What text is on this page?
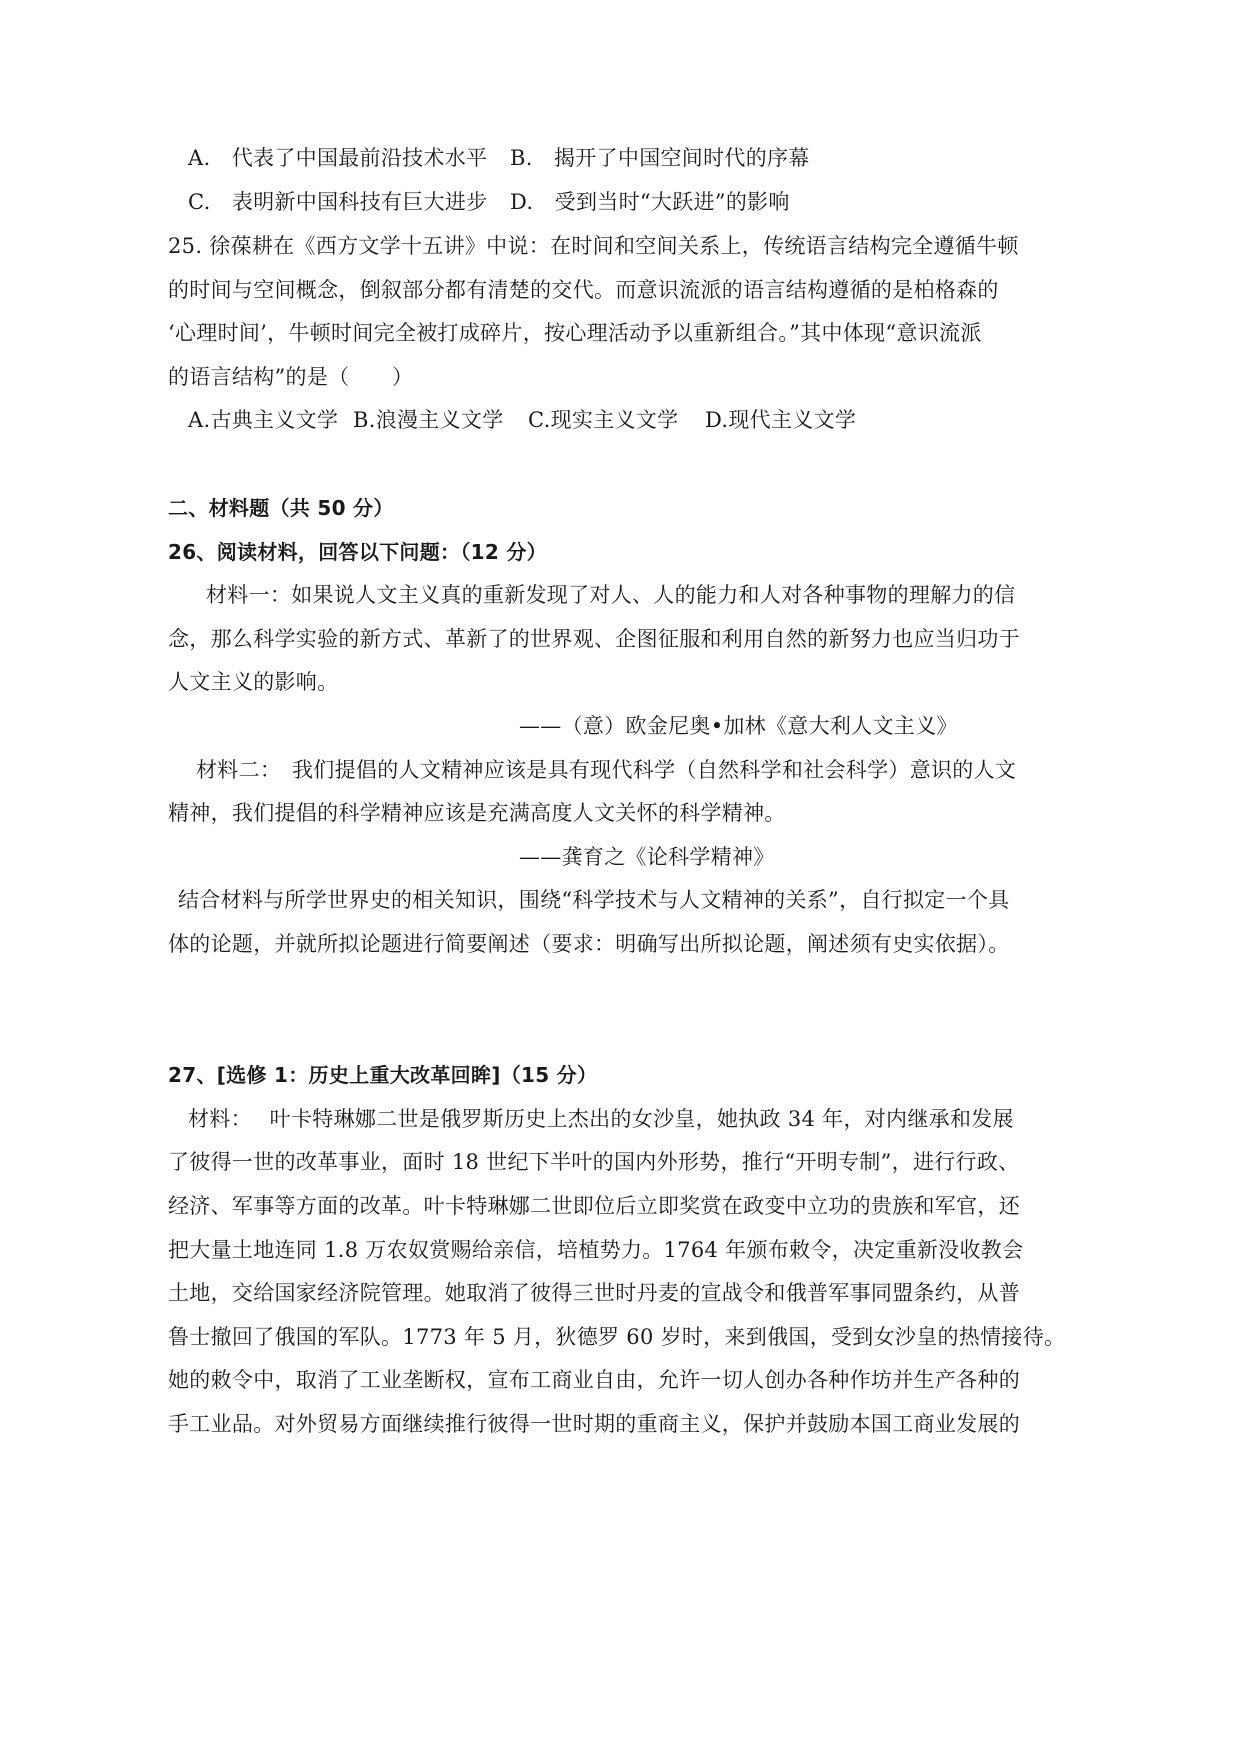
A.　代表了中国最前沿技术水平 B.　揭开了中国空间时代的序幕
C.　表明新中国科技有巨大进步 D.　受到当时“大跃进”的影响
25. 徐葆耕在《西方文学十五讲》中说：在时间和空间关系上，传统语言结构完全遵循牛顿
的时间与空间概念，倒叙部分都有清楚的交代。而意识流派的语言结构遵循的是柏格森的
‘心理时间’，牛顿时间完全被打成碎片，按心理活动予以重新组合。”其中体现“意识流派
的语言结构”的是（　　）
A.古典主义文学 B.浪漫主义文学 C.现实主义文学 D.现代主义文学
二、材料题（共 50 分）
26、阅读材料，回答以下问题：（12 分）
材料一：如果说人文主义真的重新发现了对人、人的能力和人对各种事物的理解力的信
念，那么科学实验的新方式、革新了的世界观、企图征服和利用自然的新努力也应当归功于
人文主义的影响。
——（意）欧金尼奥•加林《意大利人文主义》
材料二：　我们提倡的人文精神应该是具有现代科学（自然科学和社会科学）意识的人文
精神，我们提倡的科学精神应该是充满高度人文关怀的科学精神。
——龚育之《论科学精神》
结合材料与所学世界史的相关知识，围绕“科学技术与人文精神的关系”，自行拟定一个具
体的论题，并就所拟论题进行简要阐述（要求：明确写出所拟论题，阐述须有史实依据）。
27、[选修 1：历史上重大改革回眸]（15 分）
材料：　 叶卡特琳娜二世是俄罗斯历史上杰出的女沙皇，她执政 34 年，对内继承和发展
了彼得一世的改革事业，面时 18 世纪下半叶的国内外形势，推行“开明专制”，进行行政、
经济、军事等方面的改革。叶卡特琳娜二世即位后立即奖赏在政变中立功的贵族和军官，还
把大量土地连同 1.8 万农奴赏赐给亲信，培植势力。1764 年颁布敕令，决定重新没收教会
土地，交给国家经济院管理。她取消了彼得三世时丹麦的宣战令和俄普军事同盟条约，从普
鲁士撤回了俄国的军队。1773 年 5 月，狄德罗 60 岁时，来到俄国，受到女沙皇的热情接待。
她的敕令中，取消了工业垄断权，宣布工商业自由，允许一切人创办各种作坊并生产各种的
手工业品。对外贸易方面继续推行彼得一世时期的重商主义，保护并鼓励本国工商业发展的
